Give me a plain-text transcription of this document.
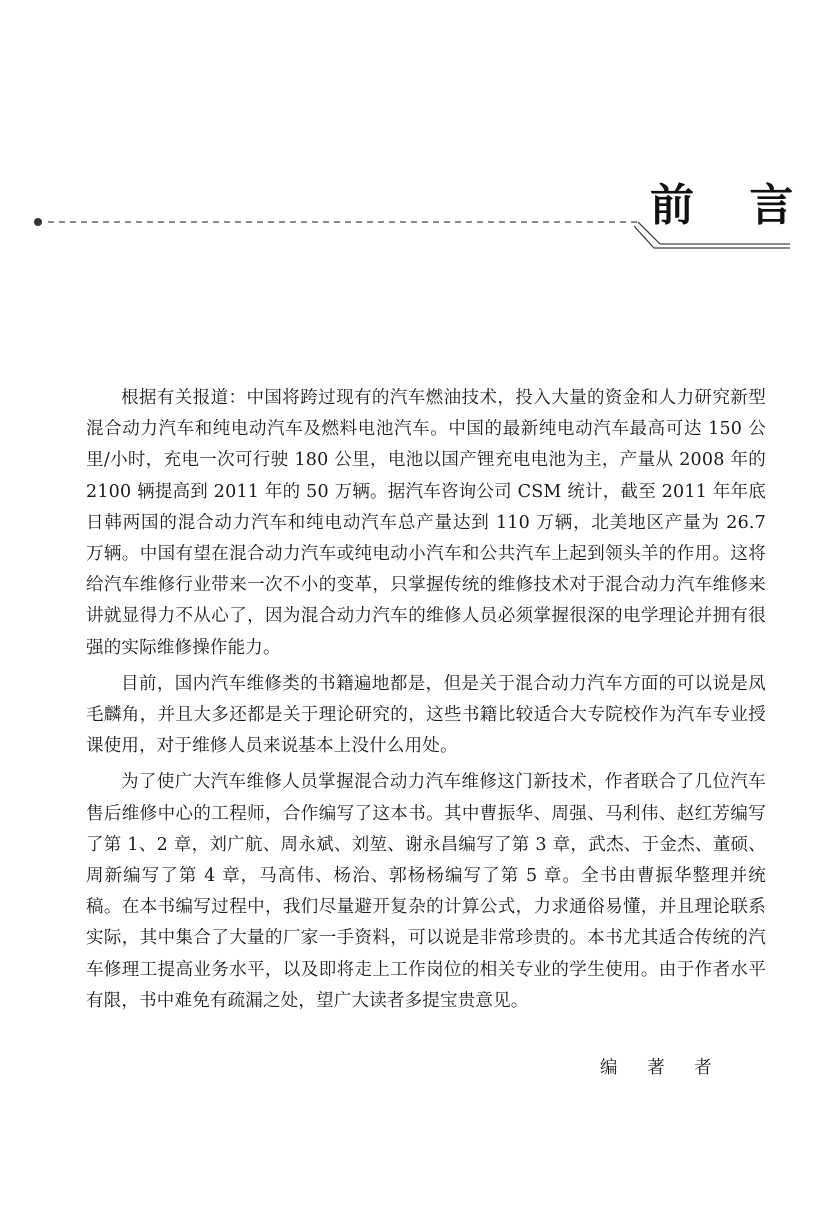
前 言

根据有关报道：中国将跨过现有的汽车燃油技术，投入大量的资金和人力研究新型混合动力汽车和纯电动汽车及燃料电池汽车。中国的最新纯电动汽车最高可达 150 公里/小时，充电一次可行驶 180 公里，电池以国产锂充电电池为主，产量从 2008 年的 2100 辆提高到 2011 年的 50 万辆。据汽车咨询公司 CSM 统计，截至 2011 年年底日韩两国的混合动力汽车和纯电动汽车总产量达到 110 万辆，北美地区产量为 26.7 万辆。中国有望在混合动力汽车或纯电动小汽车和公共汽车上起到领头羊的作用。这将给汽车维修行业带来一次不小的变革，只掌握传统的维修技术对于混合动力汽车维修来讲就显得力不从心了，因为混合动力汽车的维修人员必须掌握很深的电学理论并拥有很强的实际维修操作能力。

目前，国内汽车维修类的书籍遍地都是，但是关于混合动力汽车方面的可以说是凤毛麟角，并且大多还都是关于理论研究的，这些书籍比较适合大专院校作为汽车专业授课使用，对于维修人员来说基本上没什么用处。

为了使广大汽车维修人员掌握混合动力汽车维修这门新技术，作者联合了几位汽车售后维修中心的工程师，合作编写了这本书。其中曹振华、周强、马利伟、赵红芳编写了第 1、2 章，刘广航、周永斌、刘堃、谢永昌编写了第 3 章，武杰、于金杰、董硕、周新编写了第 4 章，马高伟、杨治、郭杨杨编写了第 5 章。全书由曹振华整理并统稿。在本书编写过程中，我们尽量避开复杂的计算公式，力求通俗易懂，并且理论联系实际，其中集合了大量的厂家一手资料，可以说是非常珍贵的。本书尤其适合传统的汽车修理工提高业务水平，以及即将走上工作岗位的相关专业的学生使用。由于作者水平有限，书中难免有疏漏之处，望广大读者多提宝贵意见。

编 著 者
